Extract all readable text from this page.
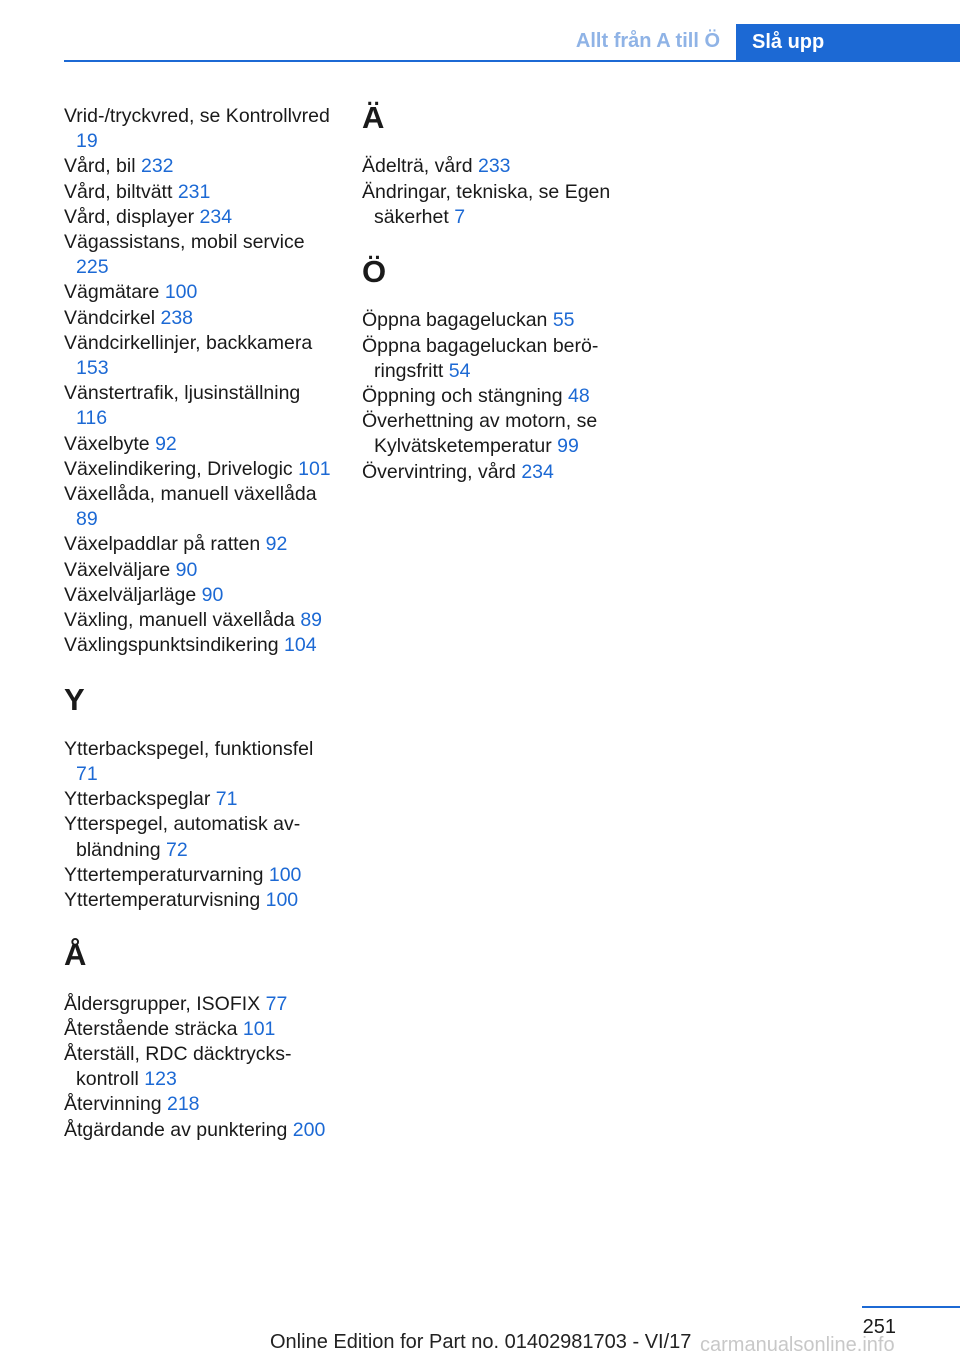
Allt från A till Ö	Slå upp
Vrid-/tryckvred, se Kontrollvred 19
Vård, bil 232
Vård, biltvätt 231
Vård, displayer 234
Vägassistans, mobil service 225
Vägmätare 100
Vändcirkel 238
Vändcirkellinjer, backkamera 153
Vänstertrafik, ljusinställning 116
Växelbyte 92
Växelindikering, Drivelogic 101
Växellåda, manuell växellåda 89
Växelpaddlar på ratten 92
Växelväljare 90
Växelväljarläge 90
Växling, manuell växellåda 89
Växlingspunktsindikering 104
Y
Ytterbackspegel, funktionsfel 71
Ytterbackspeglar 71
Ytterspegel, automatisk avbländning 72
Yttertemperaturvarning 100
Yttertemperaturvisning 100
Å
Åldersgrupper, ISOFIX 77
Återstående sträcka 101
Återställ, RDC däcktryckskontroll 123
Återvinning 218
Åtgärdande av punktering 200
Ä
Ädelträ, vård 233
Ändringar, tekniska, se Egen säkerhet 7
Ö
Öppna bagageluckan 55
Öppna bagageluckan beröringsfritt 54
Öppning och stängning 48
Överhettning av motorn, se Kylvätsketemperatur 99
Övervintring, vård 234
251
Online Edition for Part no. 01402981703 - VI/17 carmanualsonline.info
